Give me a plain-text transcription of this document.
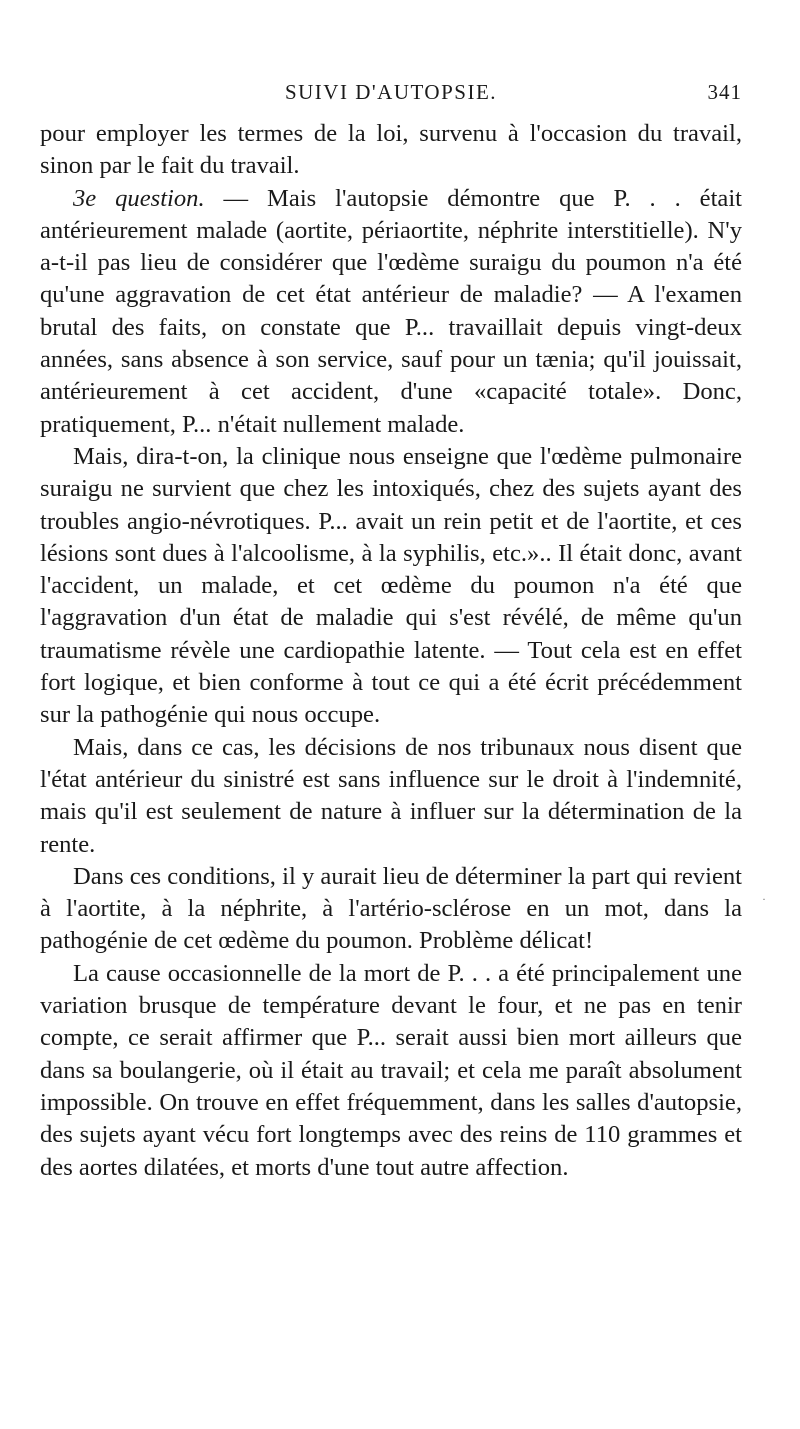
SUIVI D'AUTOPSIE.	341

pour employer les termes de la loi, survenu à l'occasion du travail, sinon par le fait du travail.

3e question. — Mais l'autopsie démontre que P. . . était antérieurement malade (aortite, périaortite, néphrite interstitielle). N'y a-t-il pas lieu de considérer que l'œdème suraigu du poumon n'a été qu'une aggravation de cet état antérieur de maladie? — A l'examen brutal des faits, on constate que P... travaillait depuis vingt-deux années, sans absence à son service, sauf pour un tænia; qu'il jouissait, antérieurement à cet accident, d'une «capacité totale». Donc, pratiquement, P... n'était nullement malade.

Mais, dira-t-on, la clinique nous enseigne que l'œdème pulmonaire suraigu ne survient que chez les intoxiqués, chez des sujets ayant des troubles angio-névrotiques. P... avait un rein petit et de l'aortite, et ces lésions sont dues à l'alcoolisme, à la syphilis, etc.».. Il était donc, avant l'accident, un malade, et cet œdème du poumon n'a été que l'aggravation d'un état de maladie qui s'est révélé, de même qu'un traumatisme révèle une cardiopathie latente. — Tout cela est en effet fort logique, et bien conforme à tout ce qui a été écrit précédemment sur la pathogénie qui nous occupe.

Mais, dans ce cas, les décisions de nos tribunaux nous disent que l'état antérieur du sinistré est sans influence sur le droit à l'indemnité, mais qu'il est seulement de nature à influer sur la détermination de la rente.

Dans ces conditions, il y aurait lieu de déterminer la part qui revient à l'aortite, à la néphrite, à l'artério-sclérose en un mot, dans la pathogénie de cet œdème du poumon. Problème délicat!

La cause occasionnelle de la mort de P. . . a été principalement une variation brusque de température devant le four, et ne pas en tenir compte, ce serait affirmer que P... serait aussi bien mort ailleurs que dans sa boulangerie, où il était au travail; et cela me paraît absolument impossible. On trouve en effet fréquemment, dans les salles d'autopsie, des sujets ayant vécu fort longtemps avec des reins de 110 grammes et des aortes dilatées, et morts d'une tout autre affection.

·
